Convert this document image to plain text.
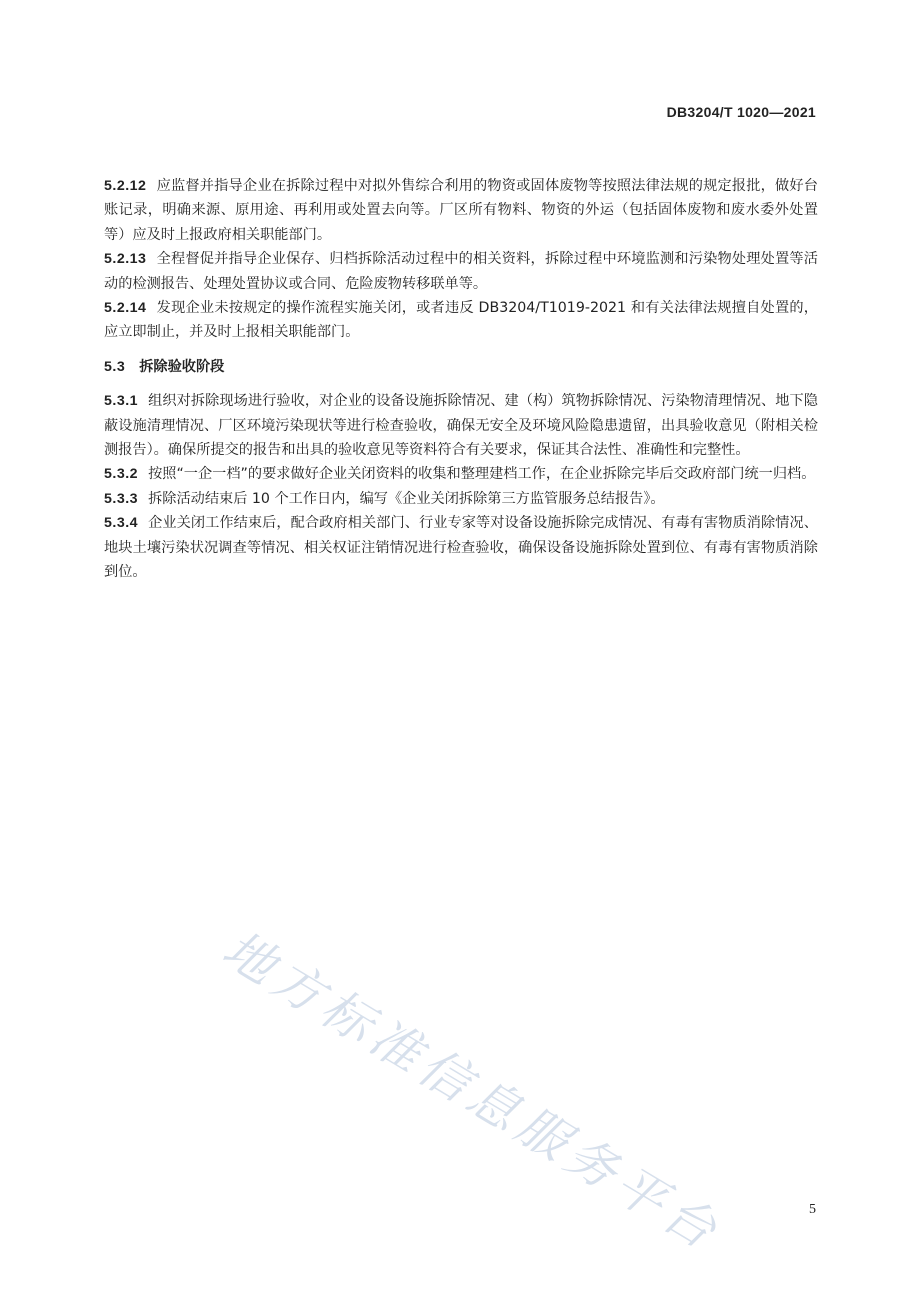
DB3204/T 1020—2021

5.2.12 应监督并指导企业在拆除过程中对拟外售综合利用的物资或固体废物等按照法律法规的规定报批，做好台账记录，明确来源、原用途、再利用或处置去向等。厂区所有物料、物资的外运（包括固体废物和废水委外处置等）应及时上报政府相关职能部门。

5.2.13 全程督促并指导企业保存、归档拆除活动过程中的相关资料，拆除过程中环境监测和污染物处理处置等活动的检测报告、处理处置协议或合同、危险废物转移联单等。

5.2.14 发现企业未按规定的操作流程实施关闭，或者违反 DB3204/T1019-2021 和有关法律法规擅自处置的，应立即制止，并及时上报相关职能部门。

5.3 拆除验收阶段

5.3.1 组织对拆除现场进行验收，对企业的设备设施拆除情况、建（构）筑物拆除情况、污染物清理情况、地下隐蔽设施清理情况、厂区环境污染现状等进行检查验收，确保无安全及环境风险隐患遗留，出具验收意见（附相关检测报告）。确保所提交的报告和出具的验收意见等资料符合有关要求，保证其合法性、准确性和完整性。

5.3.2 按照“一企一档”的要求做好企业关闭资料的收集和整理建档工作，在企业拆除完毕后交政府部门统一归档。

5.3.3 拆除活动结束后 10 个工作日内，编写《企业关闭拆除第三方监管服务总结报告》。

5.3.4 企业关闭工作结束后，配合政府相关部门、行业专家等对设备设施拆除完成情况、有毒有害物质消除情况、地块土壤污染状况调查等情况、相关权证注销情况进行检查验收，确保设备设施拆除处置到位、有毒有害物质消除到位。

地方标准信息服务平台	5
